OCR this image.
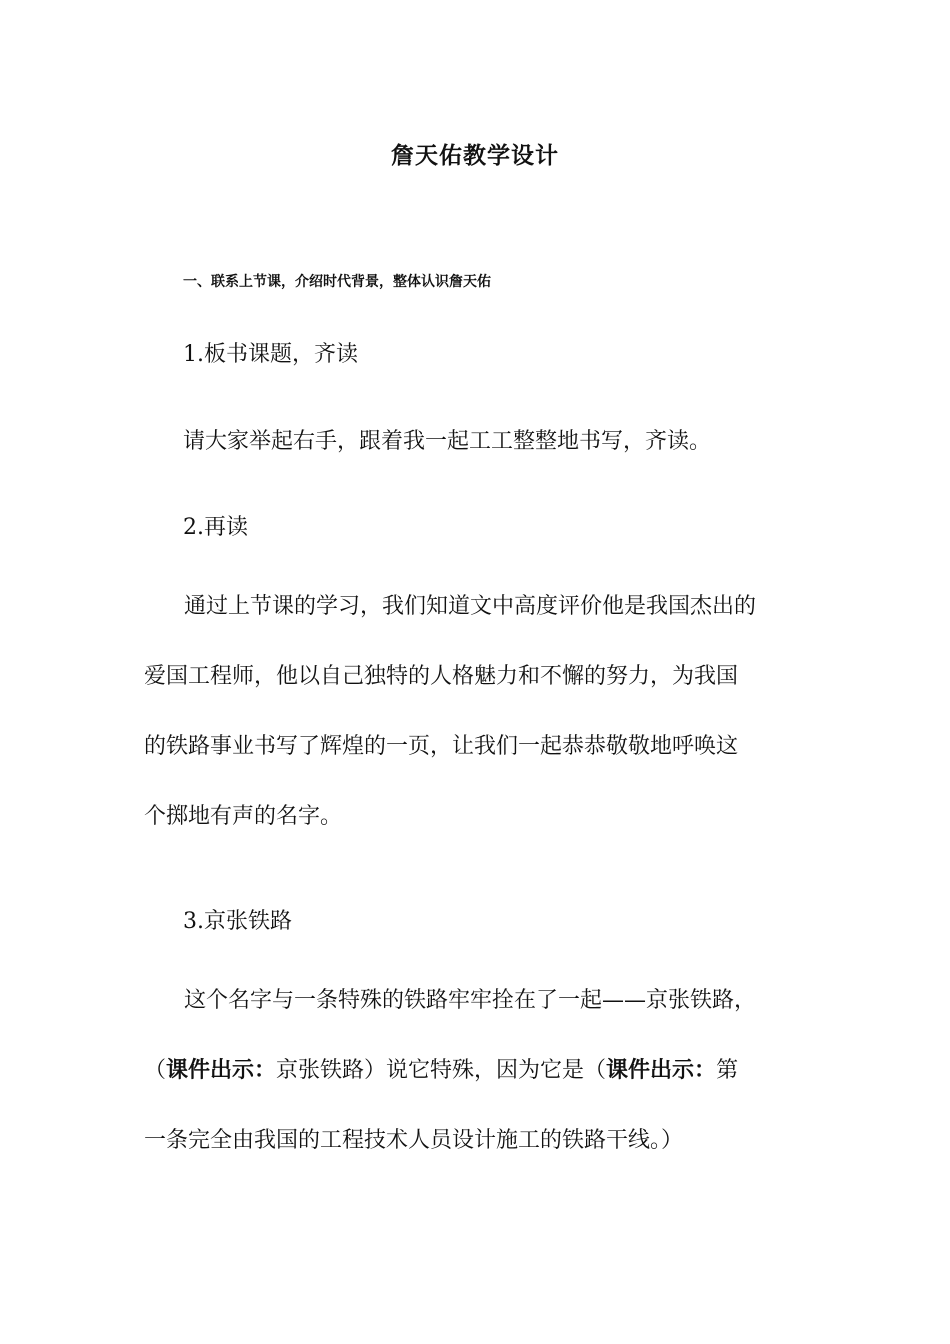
詹天佑教学设计

一、联系上节课，介绍时代背景，整体认识詹天佑

1.板书课题，齐读

请大家举起右手，跟着我一起工工整整地书写，齐读。

2.再读

通过上节课的学习，我们知道文中高度评价他是我国杰出的
爱国工程师，他以自己独特的人格魅力和不懈的努力，为我国
的铁路事业书写了辉煌的一页，让我们一起恭恭敬敬地呼唤这
个掷地有声的名字。

3.京张铁路

这个名字与一条特殊的铁路牢牢拴在了一起——京张铁路，
（课件出示：京张铁路）说它特殊，因为它是（课件出示：第
一条完全由我国的工程技术人员设计施工的铁路干线。）
